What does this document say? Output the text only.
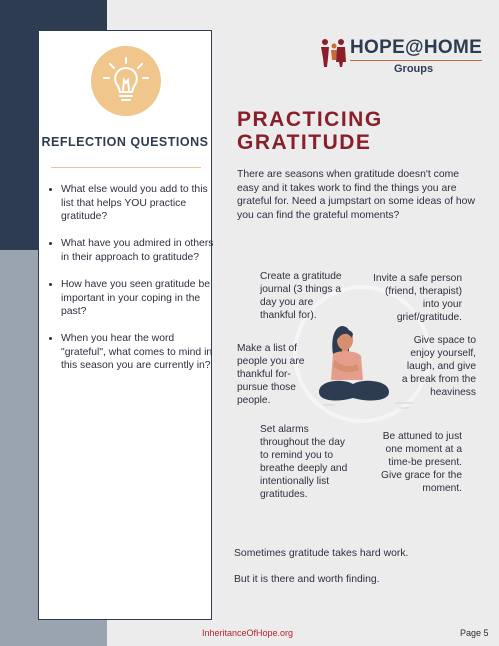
REFLECTION QUESTIONS
• What else would you add to this list that helps YOU practice gratitude?
• What have you admired in others in their approach to gratitude?
• How have you seen gratitude be important in your coping in the past?
• When you hear the word "grateful", what comes to mind in this season you are currently in?
HOPE@HOME
Groups
PRACTICING
GRATITUDE
There are seasons when gratitude doesn't come easy and it takes work to find the things you are grateful for. Need a jumpstart on some ideas of how you can find the grateful moments?
Create a gratitude journal (3 things a day you are thankful for).
Invite a safe person (friend, therapist) into your grief/gratitude.
Make a list of people you are thankful for- pursue those people.
Give space to enjoy yourself, laugh, and give a break from the heaviness
Set alarms throughout the day to remind you to breathe deeply and intentionally list gratitudes.
Be attuned to just one moment at a time-be present. Give grace for the moment.
Sometimes gratitude takes hard work.
But it is there and worth finding.
InheritanceOfHope.org	Page 5
